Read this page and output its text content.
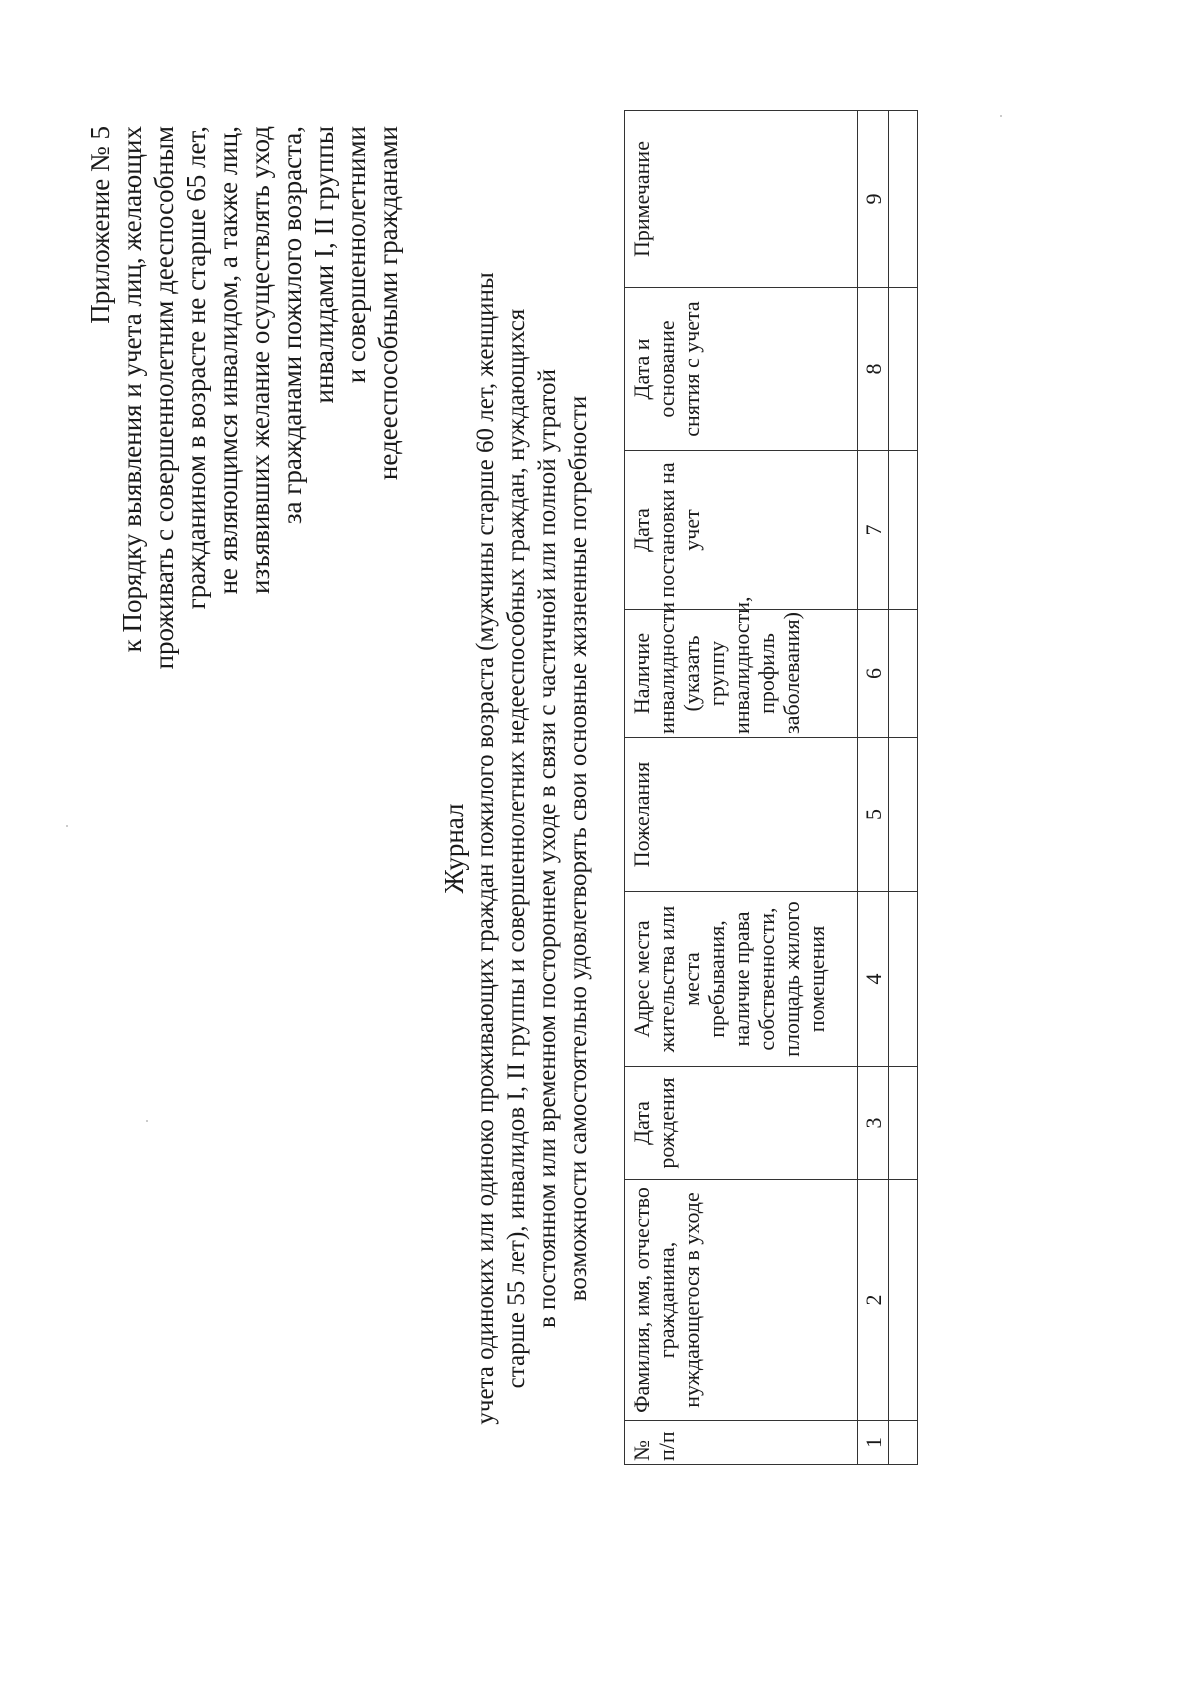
Приложение № 5 к Порядку выявления и учета лиц, желающих проживать с совершеннолетним дееспособным гражданином в возрасте не старше 65 лет, не являющимся инвалидом, а также лиц, изъявивших желание осуществлять уход за гражданами пожилого возраста, инвалидами I, II группы и совершеннолетними недееспособными гражданами
Журнал учета одиноких или одиноко проживающих граждан пожилого возраста (мужчины старше 60 лет, женщины старше 55 лет), инвалидов I, II группы и совершеннолетних недееспособных граждан, нуждающихся в постоянном или временном постороннем уходе в связи с частичной или полной утратой возможности самостоятельно удовлетворять свои основные жизненные потребности
№ п/п	Фамилия, имя, отчество гражданина, нуждающегося в уходе	Дата рождения	Адрес места жительства или места пребывания, наличие права собственности, площадь жилого помещения	Пожелания	Наличие инвалидности (указать группу инвалидности, профиль заболевания)	Дата постановки на учет	Дата и основание снятия с учета	Примечание
1	2	3	4	5	6	7	8	9
